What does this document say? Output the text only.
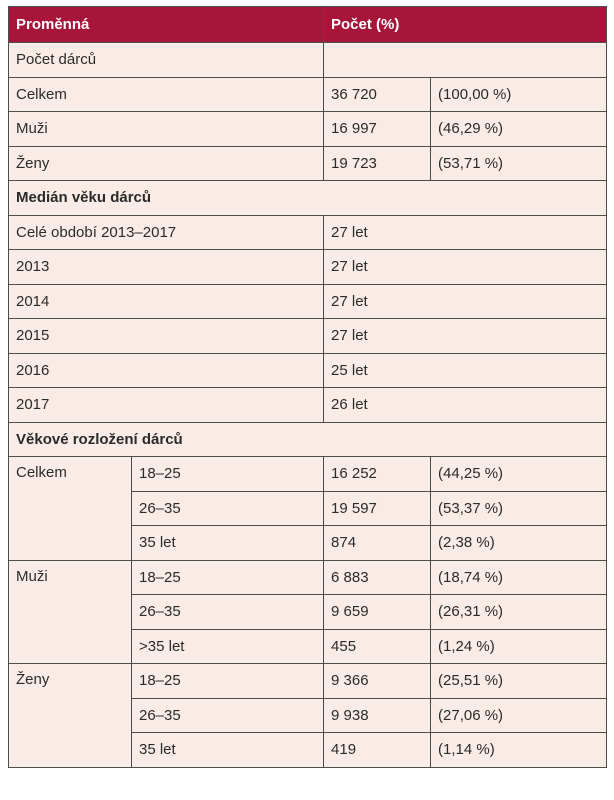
Proměnná		Počet (%)	
Počet dárců			
Celkem		36 720	(100,00 %)
Muži		16 997	(46,29 %)
Ženy		19 723	(53,71 %)
Medián věku dárců			
Celé období 2013–2017		27 let	
2013		27 let	
2014		27 let	
2015		27 let	
2016		25 let	
2017		26 let	
Věkové rozložení dárců			
Celkem	18–25	16 252	(44,25 %)
	26–35	19 597	(53,37 %)
	35 let	874	(2,38 %)
Muži	18–25	6 883	(18,74 %)
	26–35	9 659	(26,31 %)
	>35 let	455	(1,24 %)
Ženy	18–25	9 366	(25,51 %)
	26–35	9 938	(27,06 %)
	35 let	419	(1,14 %)
